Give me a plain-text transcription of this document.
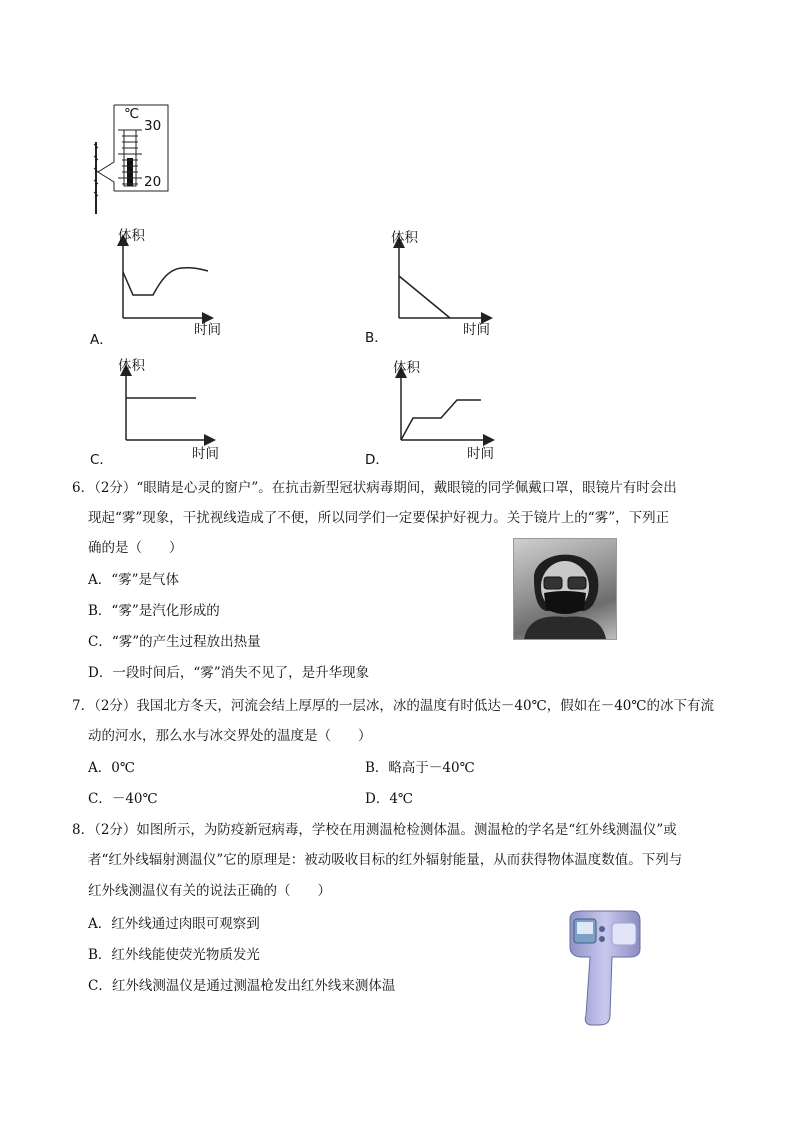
℃
30
20
体积
时间
A．
体积
时间
B．
体积
时间
C．
体积
时间
D．
6．（2分）“眼睛是心灵的窗户”。在抗击新型冠状病毒期间，戴眼镜的同学佩戴口罩，眼镜片有时会出
现起“雾”现象，干扰视线造成了不便，所以同学们一定要保护好视力。关于镜片上的“雾”，下列正
确的是（　　）
A．“雾”是气体
B．“雾”是汽化形成的
C．“雾”的产生过程放出热量
D．一段时间后，“雾”消失不见了，是升华现象
7．（2分）我国北方冬天，河流会结上厚厚的一层冰，冰的温度有时低达－40℃，假如在－40℃的冰下有流
动的河水，那么水与冰交界处的温度是（　　）
A．0℃	B．略高于－40℃
C．－40℃	D．4℃
8．（2分）如图所示，为防疫新冠病毒，学校在用测温枪检测体温。测温枪的学名是“红外线测温仪”或
者“红外线辐射测温仪”它的原理是：被动吸收目标的红外辐射能量，从而获得物体温度数值。下列与
红外线测温仪有关的说法正确的（　　）
A．红外线通过肉眼可观察到
B．红外线能使荧光物质发光
C．红外线测温仪是通过测温枪发出红外线来测体温
